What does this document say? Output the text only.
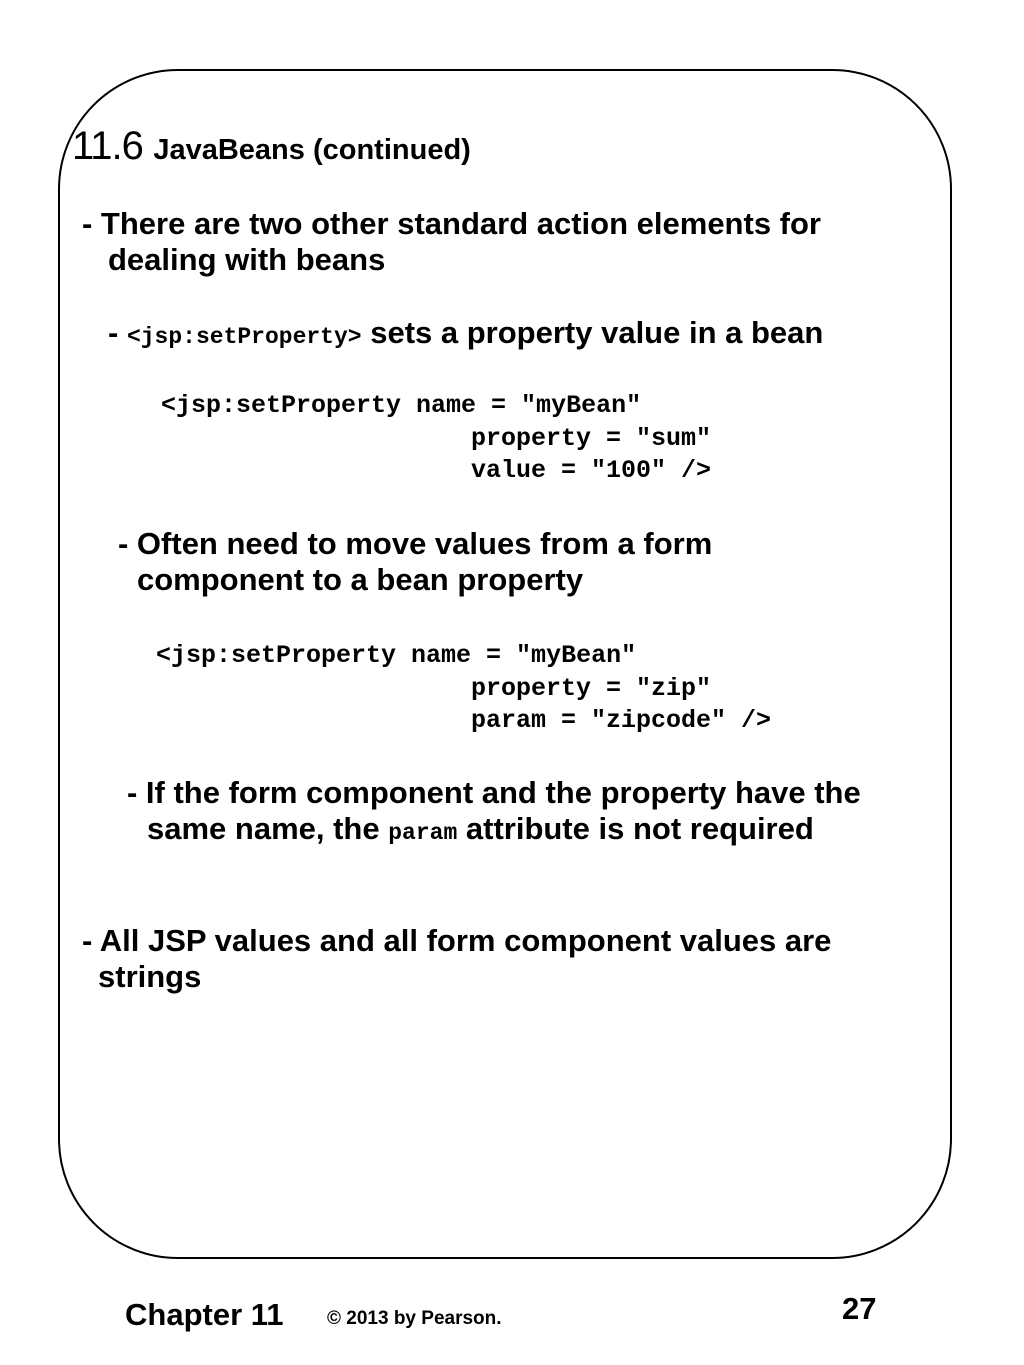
11.6 JavaBeans (continued)
- There are two other standard action elements for
dealing with beans
- <jsp:setProperty> sets a property value in a bean
<jsp:setProperty name = ″myBean″
property = ″sum″
value = ″100″ />
- Often need to move values from a form
component to a bean property
<jsp:setProperty name = ″myBean″
property = ″zip″
param = ″zipcode″ />
- If the form component and the property have the
same name, the param attribute is not required
- All JSP values and all form component values are
strings
Chapter 11 © 2013 by Pearson.	27
